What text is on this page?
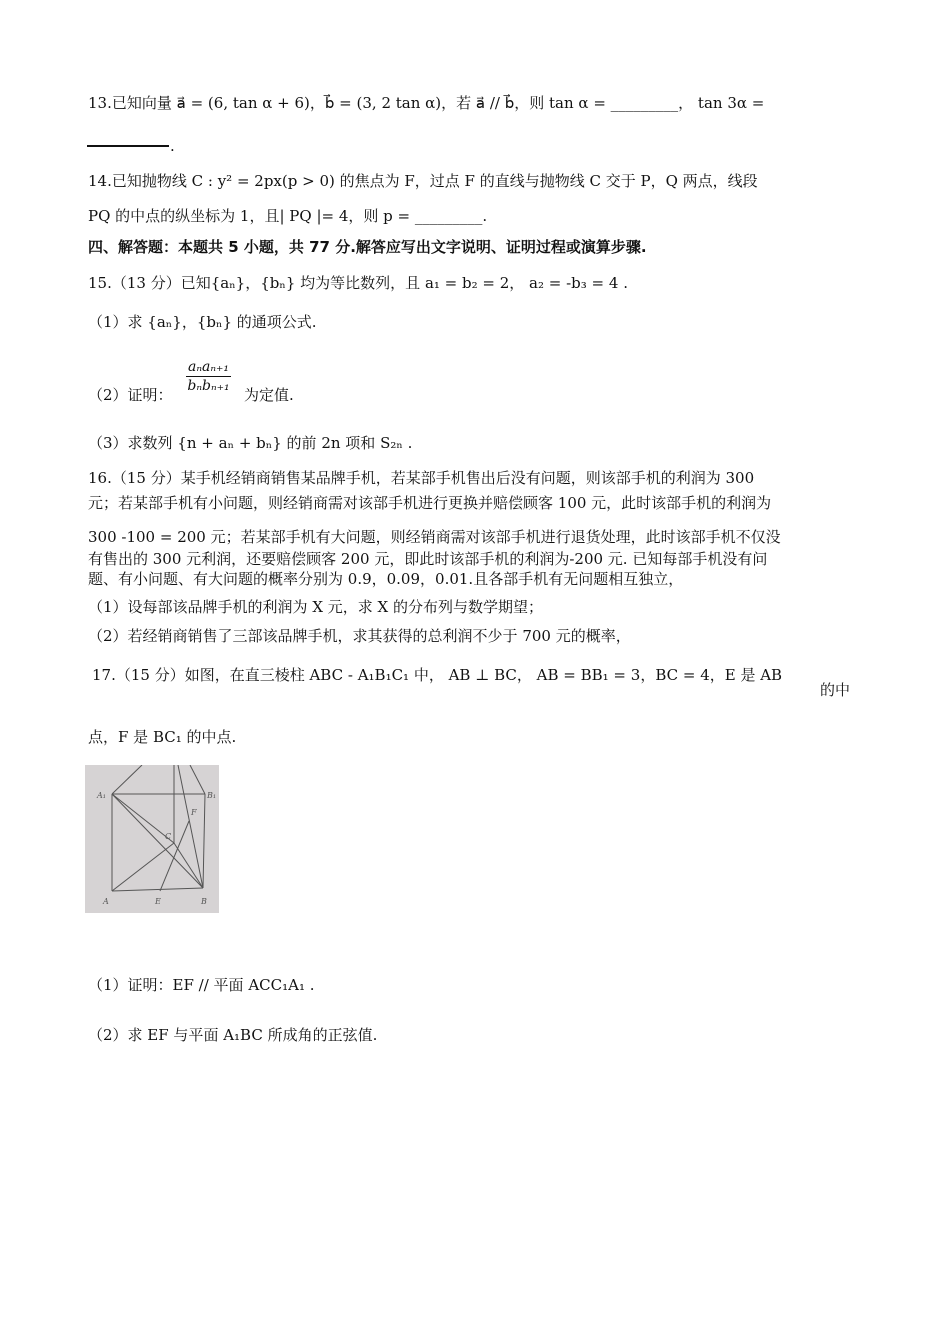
13.已知向量 a⃗ = (6, tan α + 6)，b⃗ = (3, 2 tan α)，若 a⃗ // b⃗，则 tan α = _________， tan 3α =
.
14.已知抛物线 C : y² = 2px(p > 0) 的焦点为 F，过点 F 的直线与抛物线 C 交于 P，Q 两点，线段
PQ 的中点的纵坐标为 1，且| PQ |= 4，则 p = _________.
四、解答题：本题共 5 小题，共 77 分.解答应写出文字说明、证明过程或演算步骤.
15.（13 分）已知{aₙ}，{bₙ} 均为等比数列，且 a₁ = b₂ = 2， a₂ = -b₃ = 4 .
（1）求 {aₙ}，{bₙ} 的通项公式.
（2）证明：
aₙaₙ₊₁
bₙbₙ₊₁ 为定值.
（3）求数列 {n + aₙ + bₙ} 的前 2n 项和 S₂ₙ .
16.（15 分）某手机经销商销售某品牌手机，若某部手机售出后没有问题，则该部手机的利润为 300
元；若某部手机有小问题，则经销商需对该部手机进行更换并赔偿顾客 100 元，此时该部手机的利润为
300 -100 = 200 元；若某部手机有大问题，则经销商需对该部手机进行退货处理，此时该部手机不仅没
有售出的 300 元利润，还要赔偿顾客 200 元，即此时该部手机的利润为-200 元. 已知每部手机没有问
题、有小问题、有大问题的概率分别为 0.9，0.09，0.01.且各部手机有无问题相互独立，
（1）设每部该品牌手机的利润为 X 元，求 X 的分布列与数学期望；
（2）若经销商销售了三部该品牌手机，求其获得的总利润不少于 700 元的概率，
17.（15 分）如图，在直三棱柱 ABC - A₁B₁C₁ 中， AB ⊥ BC， AB = BB₁ = 3，BC = 4，E 是 AB
的中
点，F 是 BC₁ 的中点.
A₁	B₁
F
C
A	E	B
（1）证明：EF // 平面 ACC₁A₁ .
（2）求 EF 与平面 A₁BC 所成角的正弦值.
